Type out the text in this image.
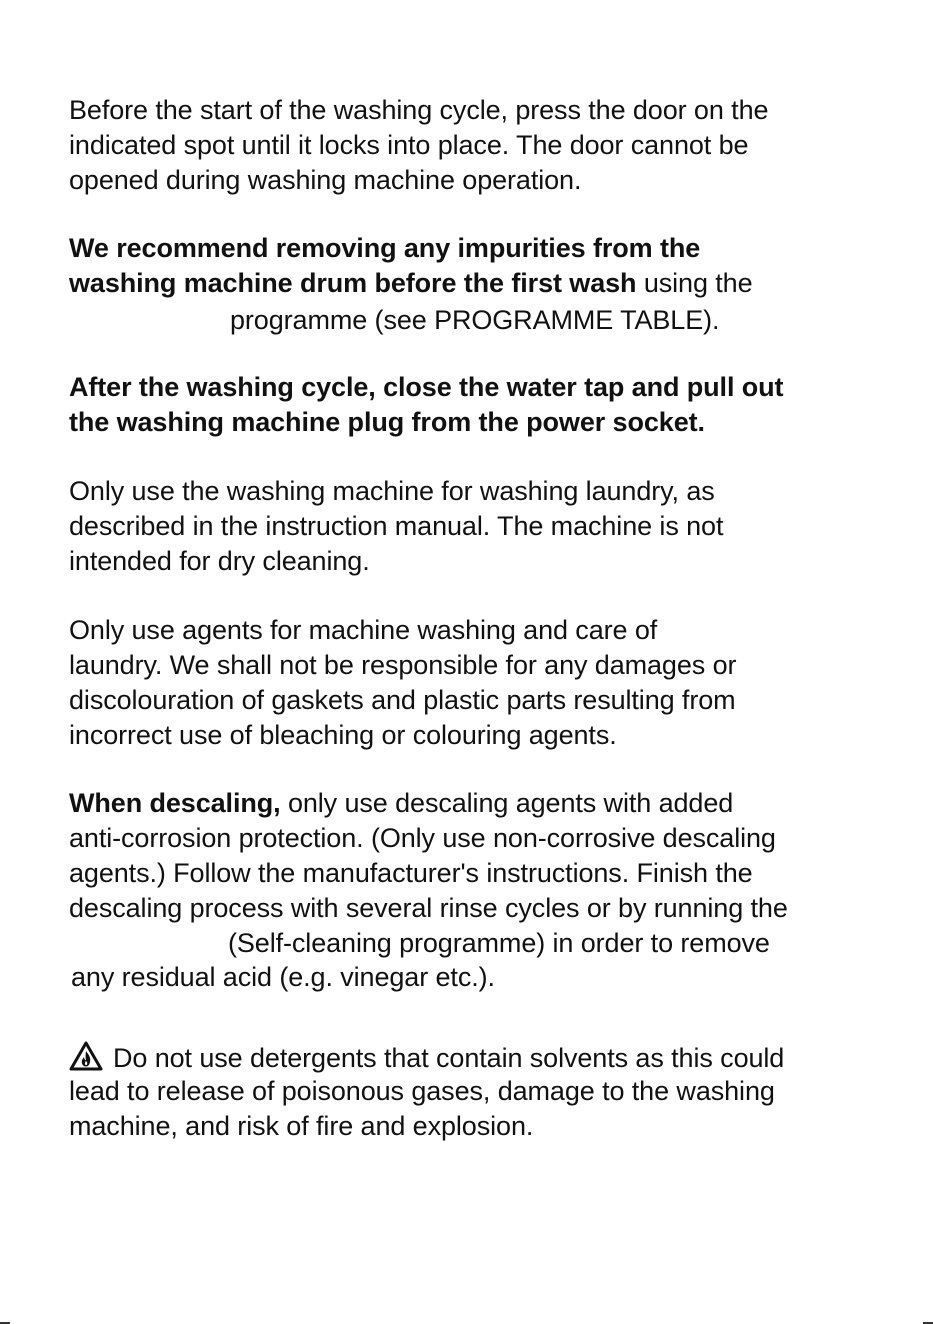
Before the start of the washing cycle, press the door on the
indicated spot until it locks into place. The door cannot be
opened during washing machine operation.
We recommend removing any impurities from the
washing machine drum before the first wash using the
programme (see PROGRAMME TABLE).
After the washing cycle, close the water tap and pull out
the washing machine plug from the power socket.
Only use the washing machine for washing laundry, as
described in the instruction manual. The machine is not
intended for dry cleaning.
Only use agents for machine washing and care of
laundry. We shall not be responsible for any damages or
discolouration of gaskets and plastic parts resulting from
incorrect use of bleaching or colouring agents.
When descaling, only use descaling agents with added
anti-corrosion protection. (Only use non-corrosive descaling
agents.) Follow the manufacturer's instructions. Finish the
descaling process with several rinse cycles or by running the
(Self-cleaning programme) in order to remove
any residual acid (e.g. vinegar etc.).
Do not use detergents that contain solvents as this could
lead to release of poisonous gases, damage to the washing
machine, and risk of fire and explosion.
